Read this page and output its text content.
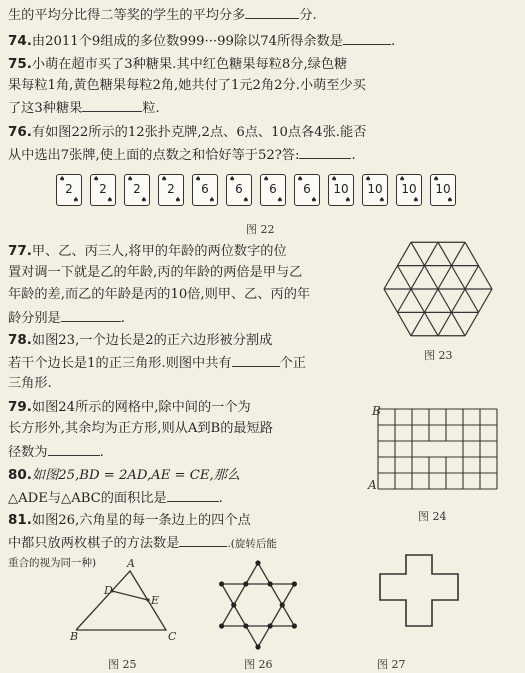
生的平均分比得二等奖的学生的平均分多	分.
74.由2011个9组成的多位数999···99除以74所得余数是	.
75.小萌在超市买了3种糖果.其中红色糖果每粒8分,绿色糖
果每粒1角,黄色糖果每粒2角,她共付了1元2角2分.小萌至少买
了这3种糖果	粒.
76.有如图22所示的12张扑克牌,2点、6点、10点各4张.能否
从中选出7张牌,使上面的点数之和恰好等于52?答:	.
♠
2
♠
♠
2
♠
♠
2
♠
♠
2
♠
♠
6
♠
♠
6
♠
♠
6
♠
♠
6
♠
♠
10
♠
♠
10
♠
♠
10
♠
♠
10
♠
图 22
77.甲、乙、丙三人,将甲的年龄的两位数字的位
置对调一下就是乙的年龄,丙的年龄的两倍是甲与乙
年龄的差,而乙的年龄是丙的10倍,则甲、乙、丙的年
龄分别是	.
78.如图23,一个边长是2的正六边形被分割成
若干个边长是1的正三角形.则图中共有	个正
三角形.
79.如图24所示的网格中,除中间的一个为
长方形外,其余均为正方形,则从A到B的最短路
径数为	.
80.如图25,BD = 2AD,AE = CE,那么
△ADE与△ABC的面积比是	.
81.如图26,六角星的每一条边上的四个点
中都只放两枚棋子的方法数是	.(旋转后能
重合的视为同一种)
图 23
B
A
图 24
A
D
E
B	C
图 25	图 26	图 27
